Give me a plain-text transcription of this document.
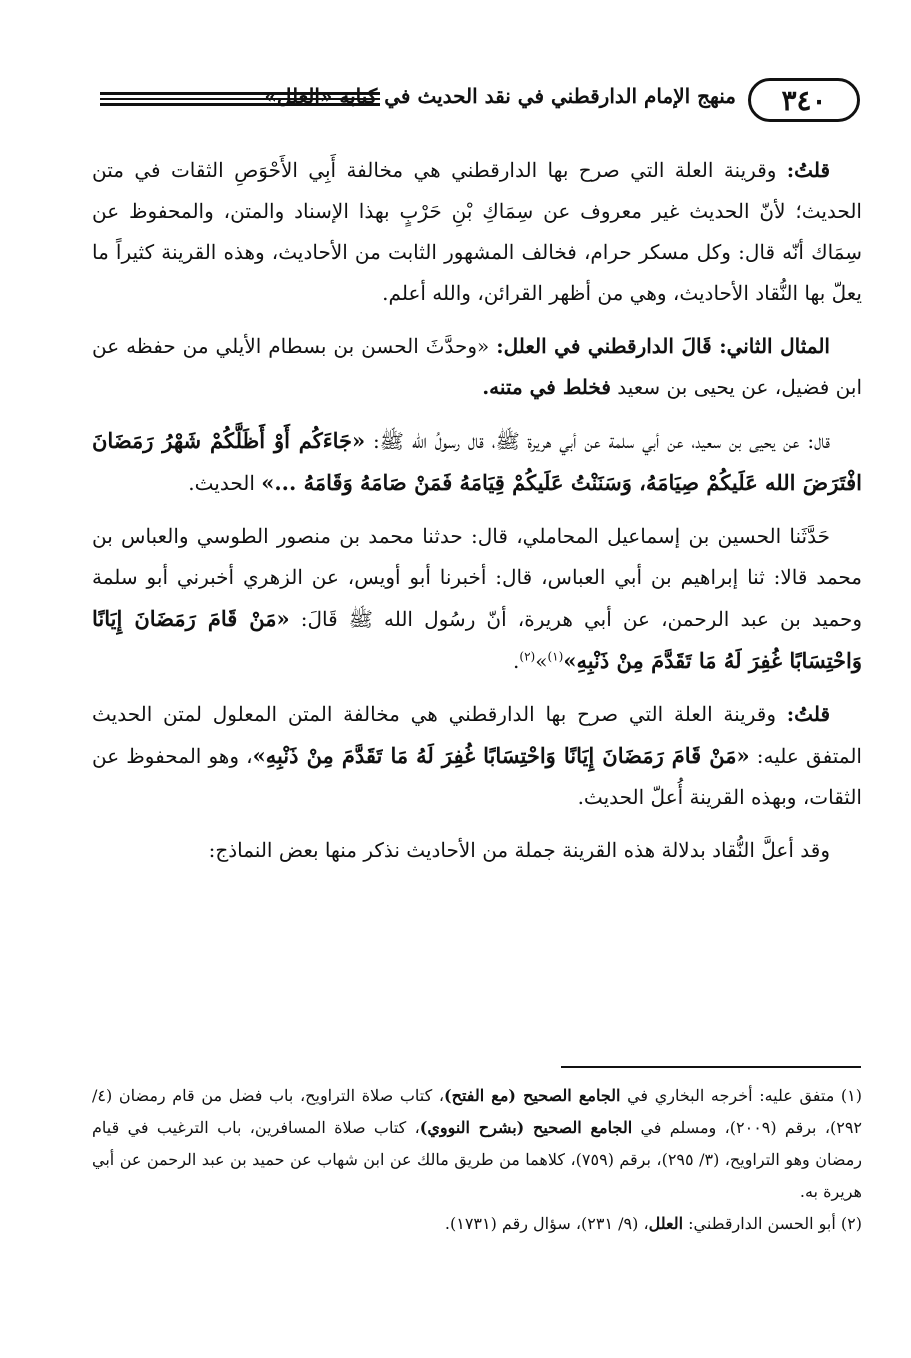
٣٤٠
منهج الإمام الدارقطني في نقد الحديث في كتابه «العلل»

قلتُ: وقرينة العلة التي صرح بها الدارقطني هي مخالفة أَبِي الأَحْوَصِ الثقات في متن الحديث؛ لأنّ الحديث غير معروف عن سِمَاكِ بْنِ حَرْبٍ بهذا الإسناد والمتن، والمحفوظ عن سِمَاك أنّه قال: وكل مسكر حرام، فخالف المشهور الثابت من الأحاديث، وهذه القرينة كثيراً ما يعلّ بها النُّقاد الأحاديث، وهي من أظهر القرائن، والله أعلم.

المثال الثاني: قَالَ الدارقطني في العلل: «وحدَّثَ الحسن بن بسطام الأيلي من حفظه عن ابن فضيل، عن يحيى بن سعيد فخلط في متنه.

قال: عن يحيى بن سعيد، عن أبي سلمة عن أبي هريرة ﷺ، قال رسولُ الله ﷺ: «جَاءَكُم أَوْ أَظَلَّكُمْ شَهْرُ رَمَضَانَ افْتَرَضَ الله عَلَيكُمْ صِيَامَهُ، وَسَنَنْتُ عَلَيكُمْ قِيَامَهُ فَمَنْ صَامَهُ وَقَامَهُ ...» الحديث.

حَدَّثَنا الحسين بن إسماعيل المحاملي، قال: حدثنا محمد بن منصور الطوسي والعباس بن محمد قالا: ثنا إبراهيم بن أبي العباس، قال: أخبرنا أبو أويس، عن الزهري أخبرني أبو سلمة وحميد بن عبد الرحمن، عن أبي هريرة، أنّ رسُول الله ﷺ قَالَ: «مَنْ قَامَ رَمَضَانَ إِيَانًا وَاحْتِسَابًا غُفِرَ لَهُ مَا تَقَدَّمَ مِنْ ذَنْبِهِ»$^{(١)}$»$^{(٢)}$.

قلتُ: وقرينة العلة التي صرح بها الدارقطني هي مخالفة المتن المعلول لمتن الحديث المتفق عليه: «مَنْ قَامَ رَمَضَانَ إِيَانًا وَاحْتِسَابًا غُفِرَ لَهُ مَا تَقَدَّمَ مِنْ ذَنْبِهِ»، وهو المحفوظ عن الثقات، وبهذه القرينة أُعلّ الحديث.

وقد أعلَّ النُّقاد بدلالة هذه القرينة جملة من الأحاديث نذكر منها بعض النماذج:

(١) متفق عليه: أخرجه البخاري في الجامع الصحيح (مع الفتح)، كتاب صلاة التراويح، باب فضل من قام رمضان (٤/ ٢٩٢)، برقم (٢٠٠٩)، ومسلم في الجامع الصحيح (بشرح النووي)، كتاب صلاة المسافرين، باب الترغيب في قيام رمضان وهو التراويح، (٣/ ٢٩٥)، برقم (٧٥٩)، كلاهما من طريق مالك عن ابن شهاب عن حميد بن عبد الرحمن عن أبي هريرة به.

(٢) أبو الحسن الدارقطني: العلل، (٩/ ٢٣١)، سؤال رقم (١٧٣١).
